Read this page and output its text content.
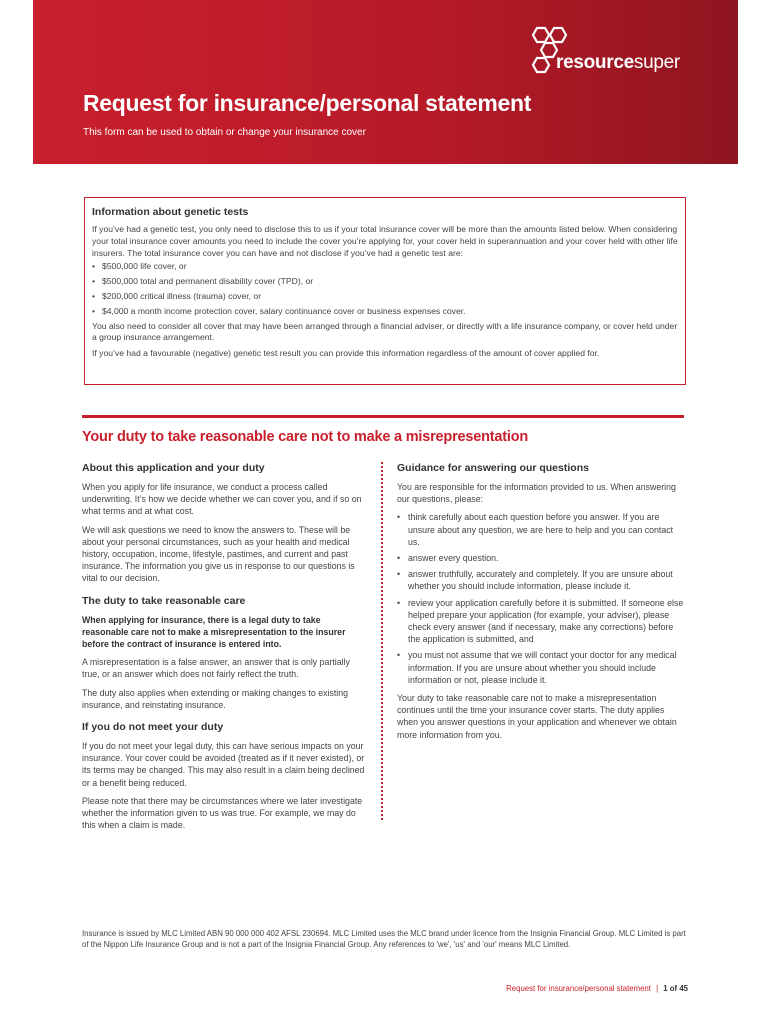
resourcesuper
Request for insurance/personal statement

This form can be used to obtain or change your insurance cover

Information about genetic tests

If you’ve had a genetic test, you only need to disclose this to us if your total insurance cover will be more than the amounts listed below. When considering your total insurance cover amounts you need to include the cover you’re applying for, your cover held in superannuation and your cover held with other life insurers. The total insurance cover you can have and not disclose if you’ve had a genetic test are:

• $500,000 life cover, or
• $500,000 total and permanent disability cover (TPD), or
• $200,000 critical illness (trauma) cover, or
• $4,000 a month income protection cover, salary continuance cover or business expenses cover.

You also need to consider all cover that may have been arranged through a financial adviser, or directly with a life insurance company, or cover held under a group insurance arrangement.

If you’ve had a favourable (negative) genetic test result you can provide this information regardless of the amount of cover applied for.

Your duty to take reasonable care not to make a misrepresentation
About this application and your duty

When you apply for life insurance, we conduct a process called underwriting. It’s how we decide whether we can cover you, and if so on what terms and at what cost.

We will ask questions we need to know the answers to. These will be about your personal circumstances, such as your health and medical history, occupation, income, lifestyle, pastimes, and current and past insurance. The information you give us in response to our questions is vital to our decision.

The duty to take reasonable care

When applying for insurance, there is a legal duty to take reasonable care not to make a misrepresentation to the insurer before the contract of insurance is entered into.

A misrepresentation is a false answer, an answer that is only partially true, or an answer which does not fairly reflect the truth.

The duty also applies when extending or making changes to existing insurance, and reinstating insurance.

If you do not meet your duty

If you do not meet your legal duty, this can have serious impacts on your insurance. Your cover could be avoided (treated as if it never existed), or its terms may be changed. This may also result in a claim being declined or a benefit being reduced.

Please note that there may be circumstances where we later investigate whether the information given to us was true. For example, we may do this when a claim is made.

Guidance for answering our questions

You are responsible for the information provided to us. When answering our questions, please:

• think carefully about each question before you answer. If you are unsure about any question, we are here to help and you can contact us.
• answer every question.
• answer truthfully, accurately and completely. If you are unsure about whether you should include information, please include it.
• review your application carefully before it is submitted. If someone else helped prepare your application (for example, your adviser), please check every answer (and if necessary, make any corrections) before the application is submitted, and
• you must not assume that we will contact your doctor for any medical information. If you are unsure about whether you should include information or not, please include it.

Your duty to take reasonable care not to make a misrepresentation continues until the time your insurance cover starts. The duty applies when you answer questions in your application and whenever we obtain more information from you.

Insurance is issued by MLC Limited ABN 90 000 000 402 AFSL 230694. MLC Limited uses the MLC brand under licence from the Insignia Financial Group. MLC Limited is part of the Nippon Life Insurance Group and is not a part of the Insignia Financial Group. Any references to 'we', 'us' and 'our' means MLC Limited.

Request for insurance/personal statement | 1 of 45
